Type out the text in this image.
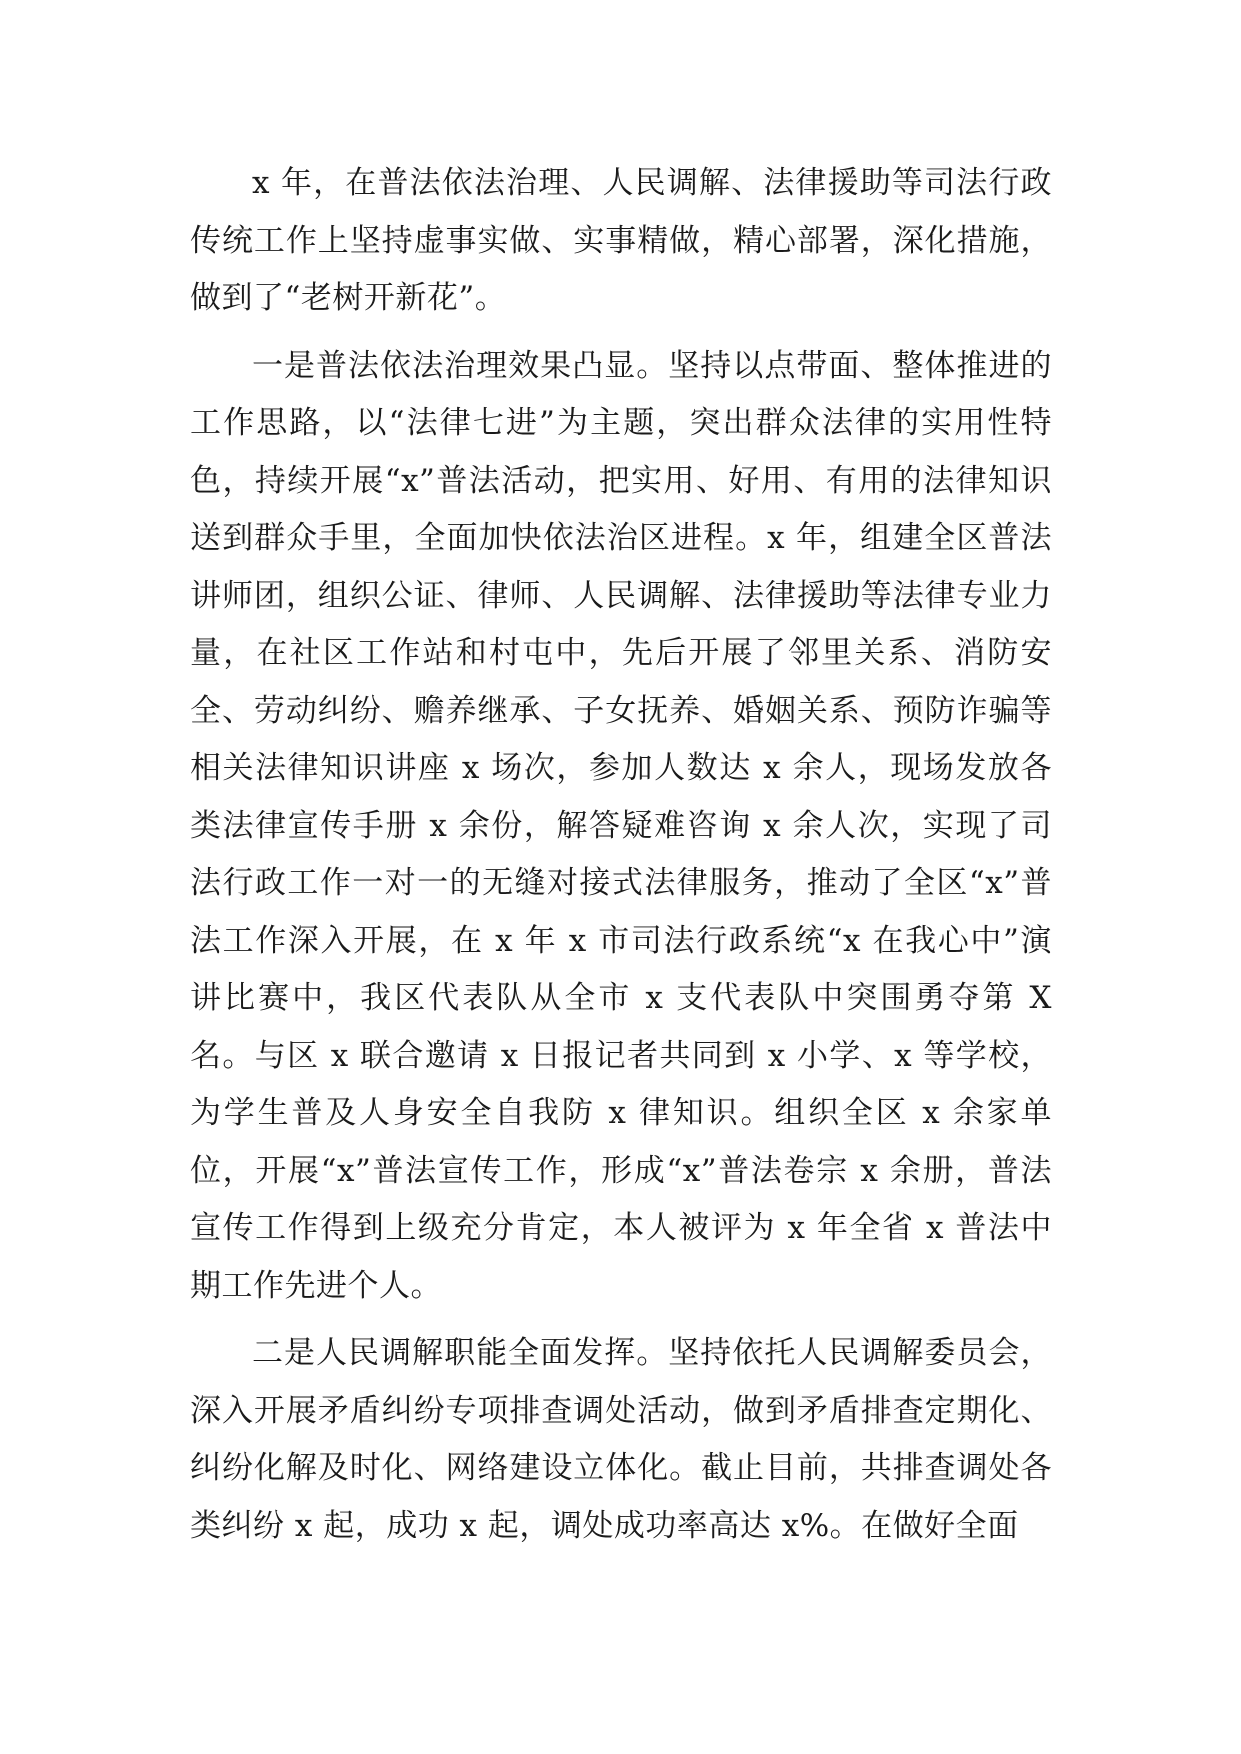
x 年，在普法依法治理、人民调解、法律援助等司法行政传统工作上坚持虚事实做、实事精做，精心部署，深化措施，做到了“老树开新花”。

一是普法依法治理效果凸显。坚持以点带面、整体推进的工作思路，以“法律七进”为主题，突出群众法律的实用性特色，持续开展“x”普法活动，把实用、好用、有用的法律知识送到群众手里，全面加快依法治区进程。x 年，组建全区普法讲师团，组织公证、律师、人民调解、法律援助等法律专业力量，在社区工作站和村屯中，先后开展了邻里关系、消防安全、劳动纠纷、赡养继承、子女抚养、婚姻关系、预防诈骗等相关法律知识讲座 x 场次，参加人数达 x 余人，现场发放各类法律宣传手册 x 余份，解答疑难咨询 x 余人次，实现了司法行政工作一对一的无缝对接式法律服务，推动了全区“x”普法工作深入开展，在 x 年 x 市司法行政系统“x 在我心中”演讲比赛中，我区代表队从全市 x 支代表队中突围勇夺第 X 名。与区 x 联合邀请 x 日报记者共同到 x 小学、x 等学校，为学生普及人身安全自我防 x 律知识。组织全区 x 余家单位，开展“x”普法宣传工作，形成“x”普法卷宗 x 余册，普法宣传工作得到上级充分肯定，本人被评为 x 年全省 x 普法中期工作先进个人。

二是人民调解职能全面发挥。坚持依托人民调解委员会，深入开展矛盾纠纷专项排查调处活动，做到矛盾排查定期化、纠纷化解及时化、网络建设立体化。截止目前，共排查调处各类纠纷 x 起，成功 x 起，调处成功率高达 x%。在做好全面
